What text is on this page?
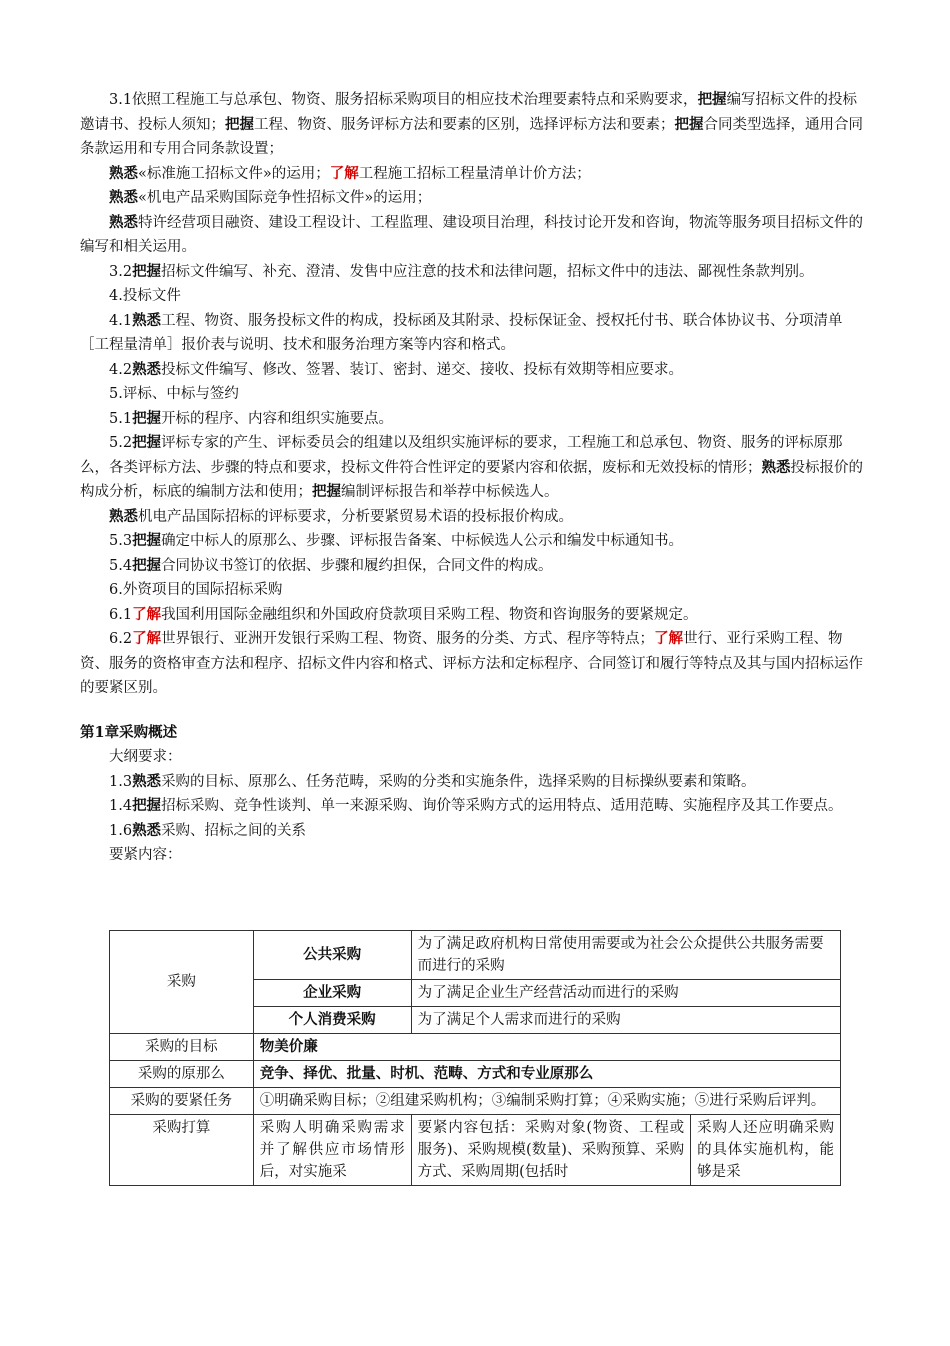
3.1依照工程施工与总承包、物资、服务招标采购项目的相应技术治理要素特点和采购要求，把握编写招标文件的投标邀请书、投标人须知；把握工程、物资、服务评标方法和要素的区别，选择评标方法和要素；把握合同类型选择，通用合同条款运用和专用合同条款设置；

熟悉«标准施工招标文件»的运用；了解工程施工招标工程量清单计价方法；

熟悉«机电产品采购国际竞争性招标文件»的运用；

熟悉特许经营项目融资、建设工程设计、工程监理、建设项目治理，科技讨论开发和咨询，物流等服务项目招标文件的编写和相关运用。

3.2把握招标文件编写、补充、澄清、发售中应注意的技术和法律问题，招标文件中的违法、鄙视性条款判别。

4.投标文件

4.1熟悉工程、物资、服务投标文件的构成，投标函及其附录、投标保证金、授权托付书、联合体协议书、分项清单［工程量清单］报价表与说明、技术和服务治理方案等内容和格式。

4.2熟悉投标文件编写、修改、签署、装订、密封、递交、接收、投标有效期等相应要求。

5.评标、中标与签约

5.1把握开标的程序、内容和组织实施要点。

5.2把握评标专家的产生、评标委员会的组建以及组织实施评标的要求，工程施工和总承包、物资、服务的评标原那么，各类评标方法、步骤的特点和要求，投标文件符合性评定的要紧内容和依据，废标和无效投标的情形；熟悉投标报价的构成分析，标底的编制方法和使用；把握编制评标报告和举荐中标候选人。

熟悉机电产品国际招标的评标要求，分析要紧贸易术语的投标报价构成。

5.3把握确定中标人的原那么、步骤、评标报告备案、中标候选人公示和编发中标通知书。

5.4把握合同协议书签订的依据、步骤和履约担保，合同文件的构成。

6.外资项目的国际招标采购

6.1了解我国利用国际金融组织和外国政府贷款项目采购工程、物资和咨询服务的要紧规定。

6.2了解世界银行、亚洲开发银行采购工程、物资、服务的分类、方式、程序等特点；了解世行、亚行采购工程、物资、服务的资格审查方法和程序、招标文件内容和格式、评标方法和定标程序、合同签订和履行等特点及其与国内招标运作的要紧区别。

第1章采购概述

大纲要求：

1.3熟悉采购的目标、原那么、任务范畴，采购的分类和实施条件，选择采购的目标操纵要素和策略。

1.4把握招标采购、竞争性谈判、单一来源采购、询价等采购方式的运用特点、适用范畴、实施程序及其工作要点。

1.6熟悉采购、招标之间的关系

要紧内容：

采购	公共采购	为了满足政府机构日常使用需要或为社会公众提供公共服务需要而进行的采购	
	企业采购	为了满足企业生产经营活动而进行的采购	
	个人消费采购	为了满足个人需求而进行的采购	
采购的目标	物美价廉		
采购的原那么	竞争、择优、批量、时机、范畴、方式和专业原那么		
采购的要紧任务	①明确采购目标；②组建采购机构；③编制采购打算；④采购实施；⑤进行采购后评判。		
采购打算	采购人明确采购需求并了解供应市场情形后，对实施采	要紧内容包括：采购对象(物资、工程或服务)、采购规模(数量)、采购预算、采购方式、采购周期(包括时	采购人还应明确采购的具体实施机构，能够是采
